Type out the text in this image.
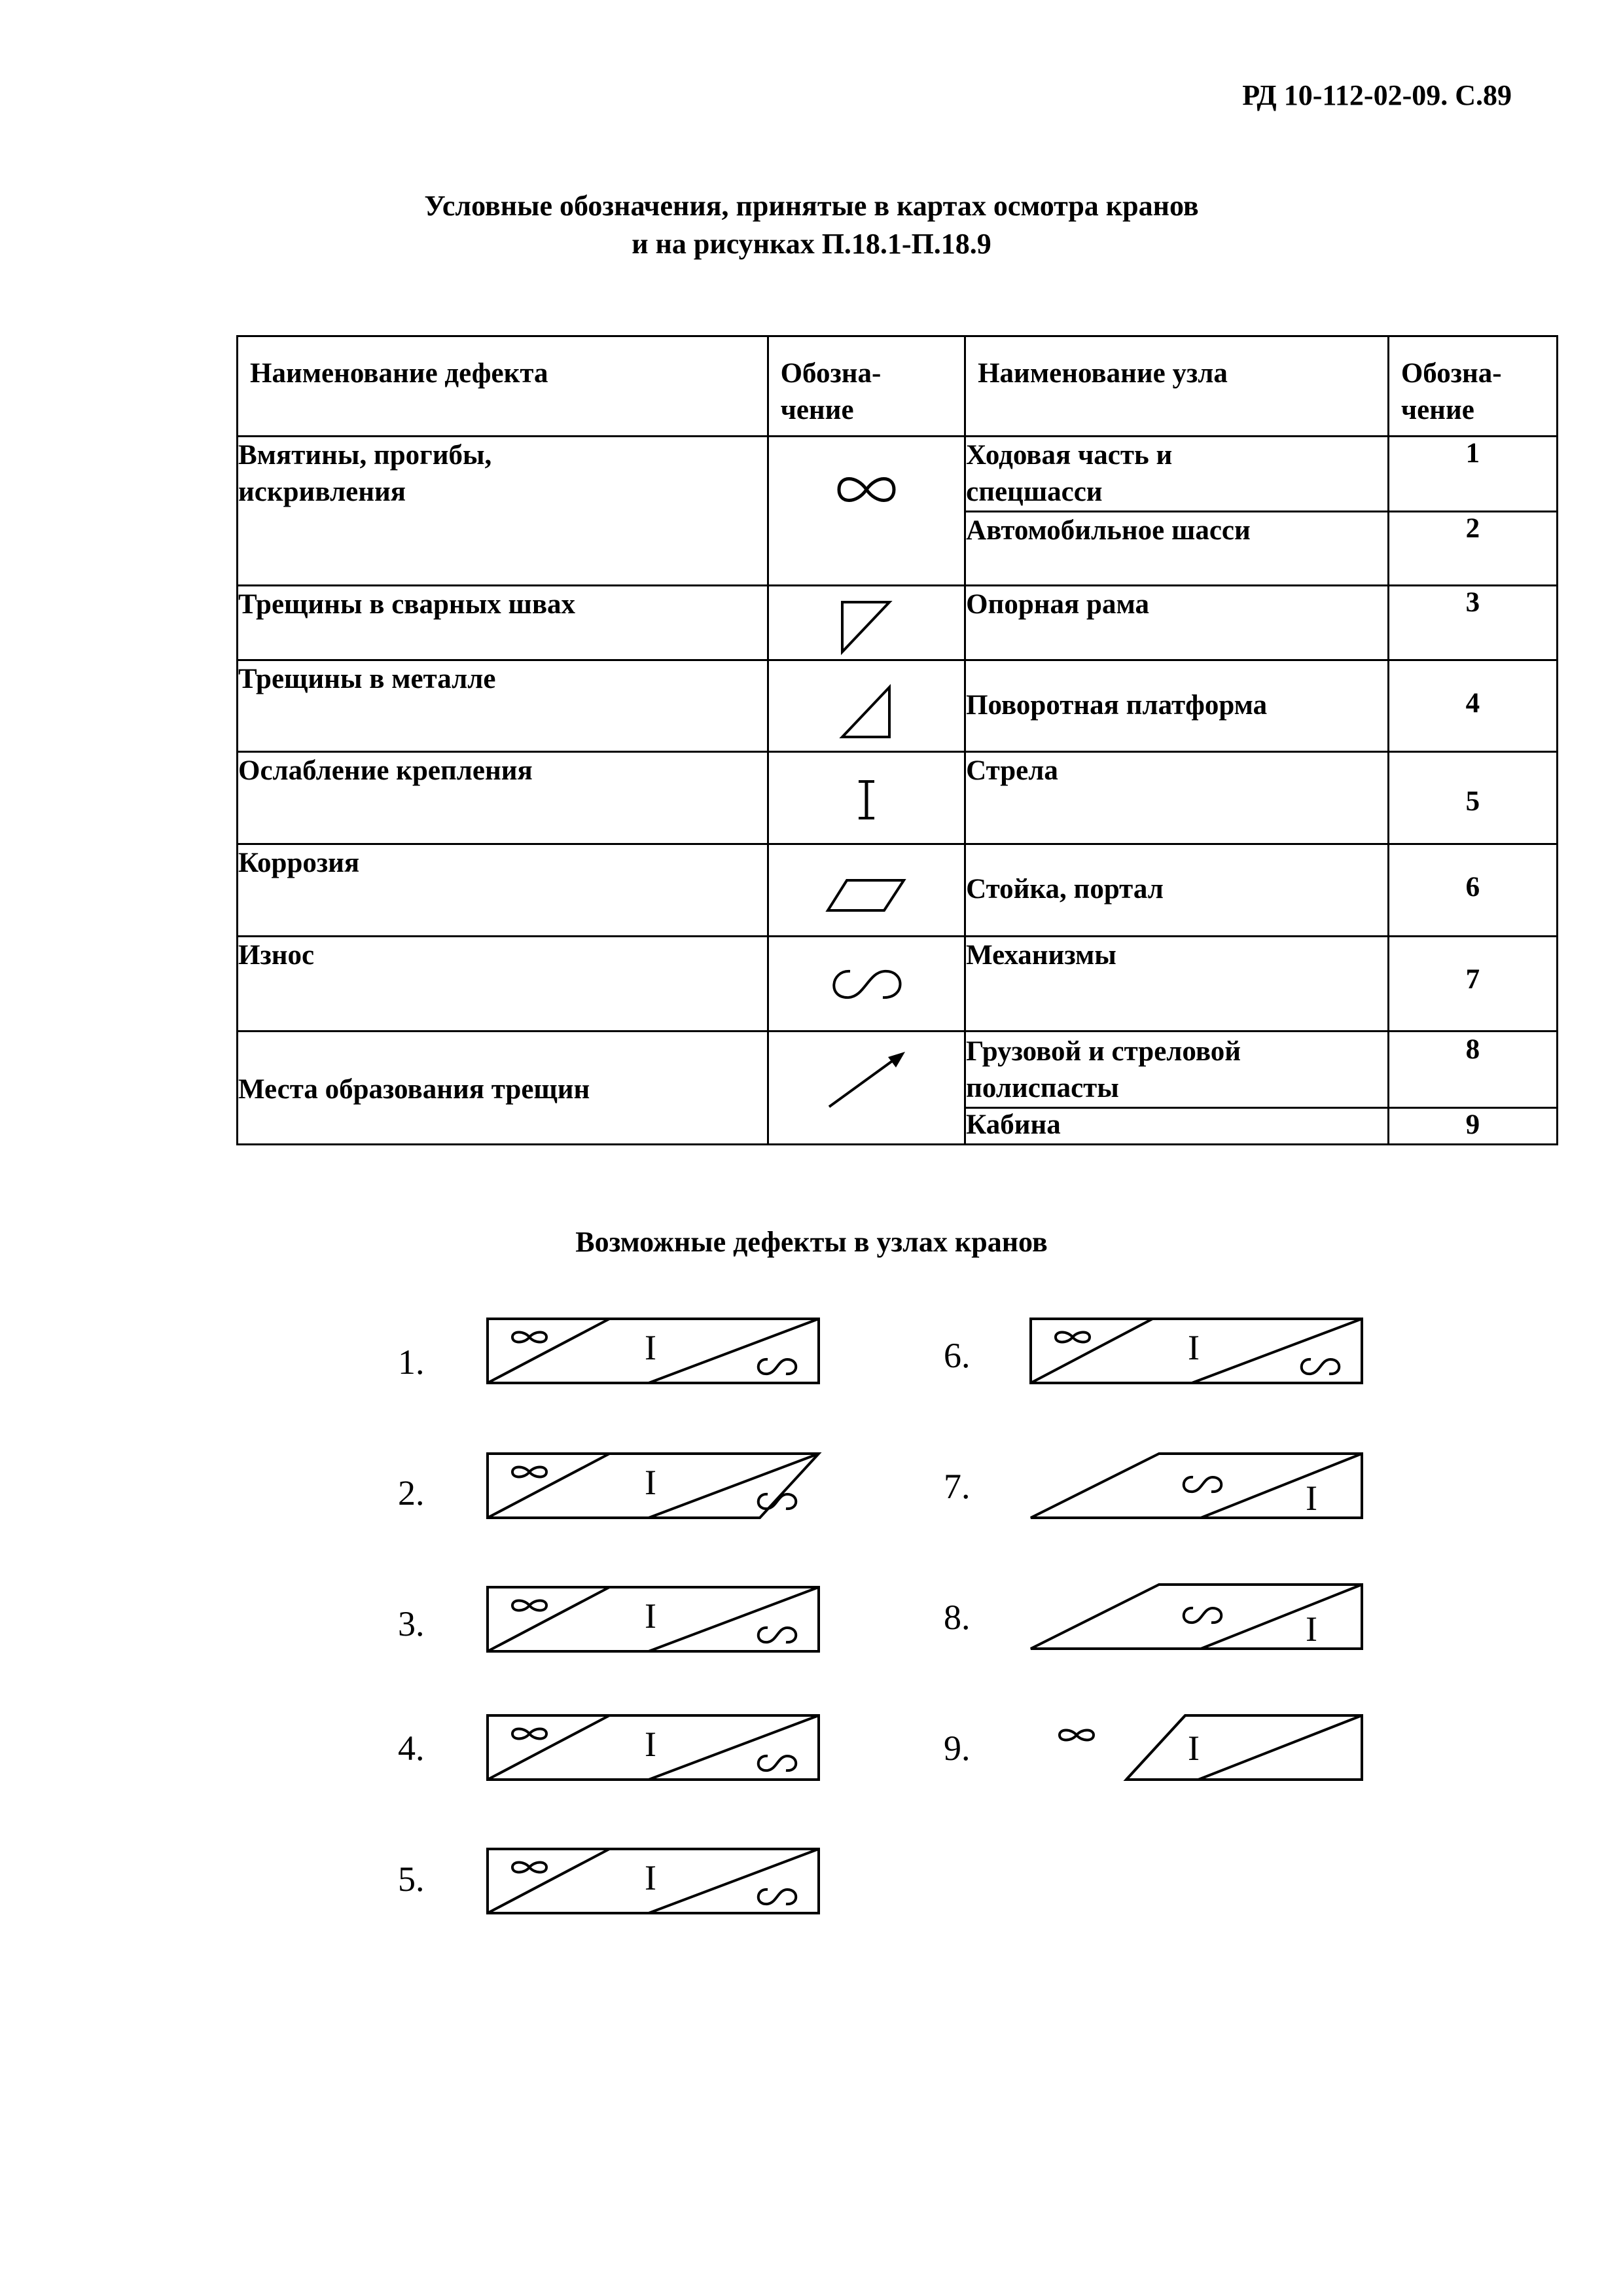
РД 10-112-02-09. С.89
Условные обозначения, принятые в картах осмотра кранов
и на рисунках П.18.1-П.18.9
Наименование дефекта	Обозна-
чение	Наименование узла	Обозна-
чение
Вмятины, прогибы,
искривления		Ходовая часть и
спецшасси	1
		Автомобильное шасси	2
Трещины в сварных швах		Опорная рама	3
Трещины в металле		Поворотная платформа	4
Ослабление крепления		Стрела	5
Коррозия		Стойка, портал	6
Износ		Механизмы	7
Места образования трещин		Грузовой и стреловой
полиспасты	8
		Кабина	9
Возможные дефекты в узлах кранов
1.	I
2.	I
3.	I
4.	I
5.	I
6.	I
7.	I
8.	I
9.	I
